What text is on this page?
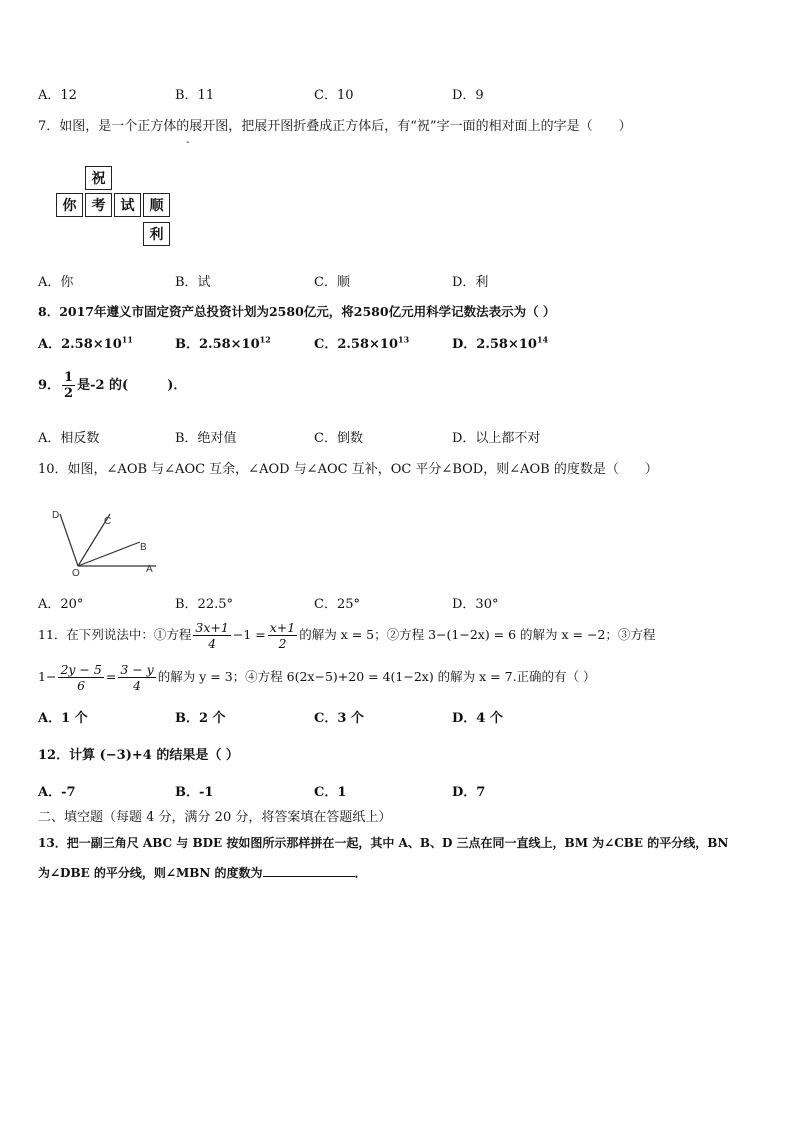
A．12	B．11	C．10	D．9
7．如图，是一个正方体的展开图，把展开图折叠成正方体后，有“祝”字一面的相对面上的字是（　　）
-
祝
你	考	试	顺
利
A．你	B．试	C．顺	D．利
8．2017年遵义市固定资产总投资计划为2580亿元，将2580亿元用科学记数法表示为（ ）
A．$2.58\times 10^{11}$	B．$2.58\times 10^{12}$	C．$2.58\times 10^{13}$	D．$2.58\times 10^{14}$
9． $\frac{1}{2}$ 是-2 的(　　　)．
A．相反数	B．绝对值	C．倒数	D．以上都不对
10．如图，∠AOB 与∠AOC 互余，∠AOD 与∠AOC 互补，OC 平分∠BOD，则∠AOB 的度数是（　　）
D
C
B
O	A
A．20°	B．22.5°	C．25°	D．30°
11．在下列说法中：①方程 $\frac{3x+1}{4} -1 = \frac{x+1}{2}$ 的解为 x = 5；②方程 3−(1−2x) = 6 的解为 x = −2；③方程
$1- \frac{2y - 5}{6} = \frac{3 - y}{4}$ 的解为 y = 3；④方程 6(2x−5)+20 = 4(1−2x) 的解为 x = 7.正确的有（ ）
A．1 个	B．2 个	C．3 个	D．4 个
12．计算 (−3)+4 的结果是（ ）
A．-7	B．-1	C．1	D．7
二、填空题（每题 4 分，满分 20 分，将答案填在答题纸上）
13．把一副三角尺 ABC 与 BDE 按如图所示那样拼在一起，其中 A、B、D 三点在同一直线上，BM 为∠CBE 的平分线，BN
为∠DBE 的平分线，则∠MBN 的度数为	．
